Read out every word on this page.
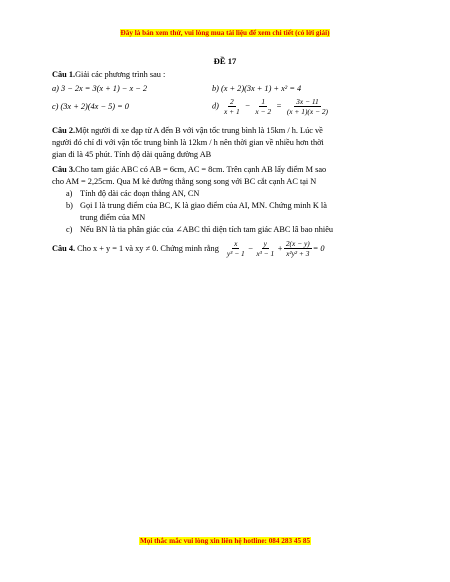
Đây là bản xem thử, vui lòng mua tài liệu để xem chi tiết (có lời giải)
ĐỀ 17

Câu 1.Giải các phương trình sau :

a) 3 − 2x = 3(x + 1) − x − 2	b) (x + 2)(3x + 1) + x² = 4
c) (3x + 2)(4x − 5) = 0	$d) \frac{2}{x + 1} - \frac{1}{x - 2} = \frac{3x - 11}{(x + 1)(x - 2)}$

Câu 2.Một người đi xe đạp từ A đến B với vận tốc trung bình là 15km / h. Lúc về

người đó chỉ đi với vận tốc trung bình là 12km / h nên thời gian về nhiều hơn thời

gian đi là 45 phút. Tính độ dài quãng đường AB

Câu 3.Cho tam giác ABC có AB = 6cm, AC = 8cm. Trên cạnh AB lấy điểm M sao

cho AM = 2,25cm. Qua M kẻ đường thẳng song song với BC cắt cạnh AC tại N

a) Tính độ dài các đoạn thẳng AN, CN
b) Gọi I là trung điểm của BC, K là giao điểm của AI, MN. Chứng minh K là
trung điểm của MN
c) Nếu BN là tia phân giác của ∠ABC thì diện tích tam giác ABC lâ bao nhiêu

Câu 4.
Cho x + y = 1 và xy ≠ 0. Chứng minh rằng $\frac{x}{\text{y³ − 1}} - \frac{y}{\text{x³ − 1}} + \frac{2(x - y)}{\text{x²y² + 3}} = 0$

Mọi thắc mắc vui lòng xin liên hệ hotline: 084 283 45 85
